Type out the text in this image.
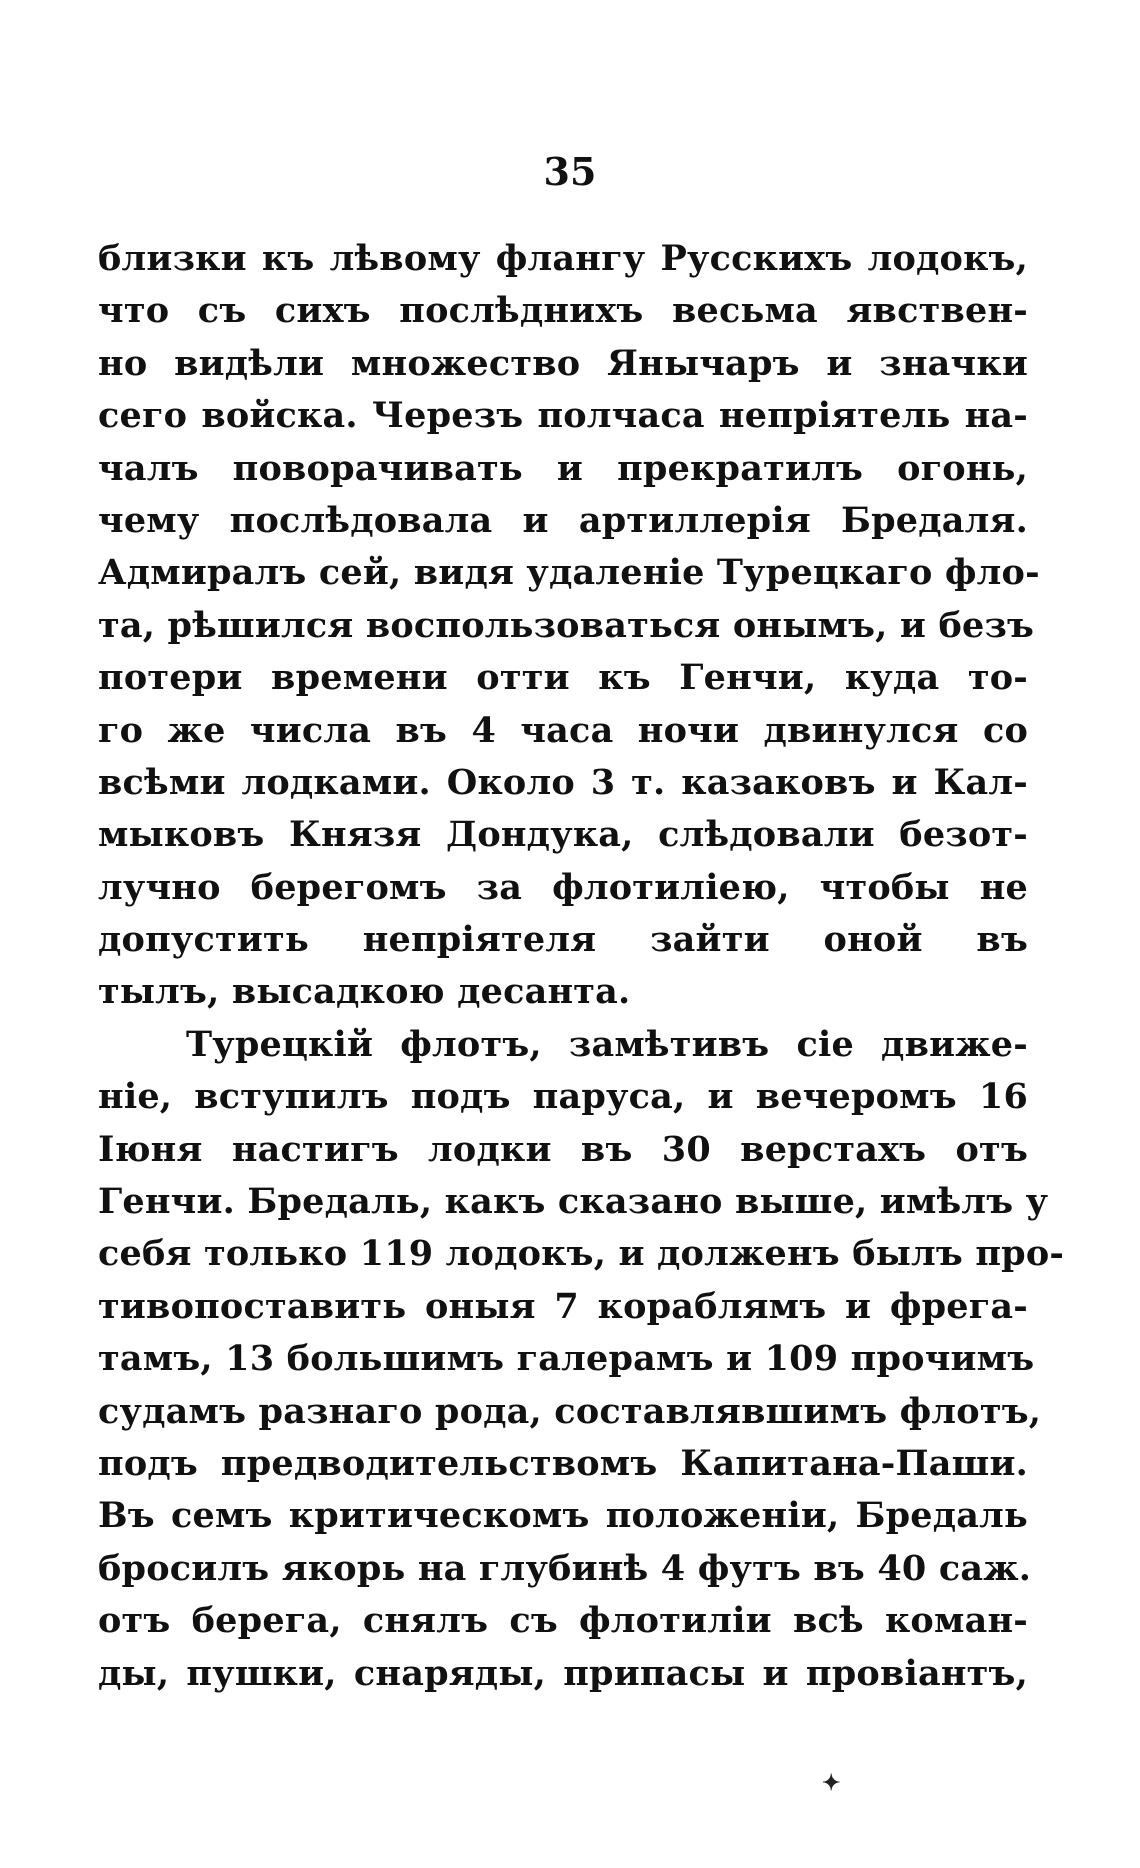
35
близки къ лѣвому флангу Русскихъ лодокъ,
что съ сихъ послѣднихъ весьма явствен-
но видѣли множество Янычаръ и значки
сего войска. Черезъ полчаса непріятель на-
чалъ поворачивать и прекратилъ огонь,
чему послѣдовала и артиллерія Бредаля.
Адмиралъ сей, видя удаленіе Турецкаго фло-
та, рѣшился воспользоваться онымъ, и безъ
потери времени отти къ Генчи, куда то-
го же числа въ 4 часа ночи двинулся со
всѣми лодками. Около 3 т. казаковъ и Кал-
мыковъ Князя Дондука, слѣдовали безот-
лучно берегомъ за флотиліею, чтобы не
допустить непріятеля зайти оной въ
тылъ, высадкою десанта.
Турецкій флотъ, замѣтивъ сіе движе-
ніе, вступилъ подъ паруса, и вечеромъ 16
Іюня настигъ лодки въ 30 верстахъ отъ
Генчи. Бредаль, какъ сказано выше, имѣлъ у
себя только 119 лодокъ, и долженъ былъ про-
тивопоставить оныя 7 кораблямъ и фрега-
тамъ, 13 большимъ галерамъ и 109 прочимъ
судамъ разнаго рода, составлявшимъ флотъ,
подъ предводительствомъ Капитана-Паши.
Въ семъ критическомъ положеніи, Бредаль
бросилъ якорь на глубинѣ 4 футъ въ 40 саж.
отъ берега, снялъ съ флотиліи всѣ коман-
ды, пушки, снаряды, припасы и провіантъ,
✦
